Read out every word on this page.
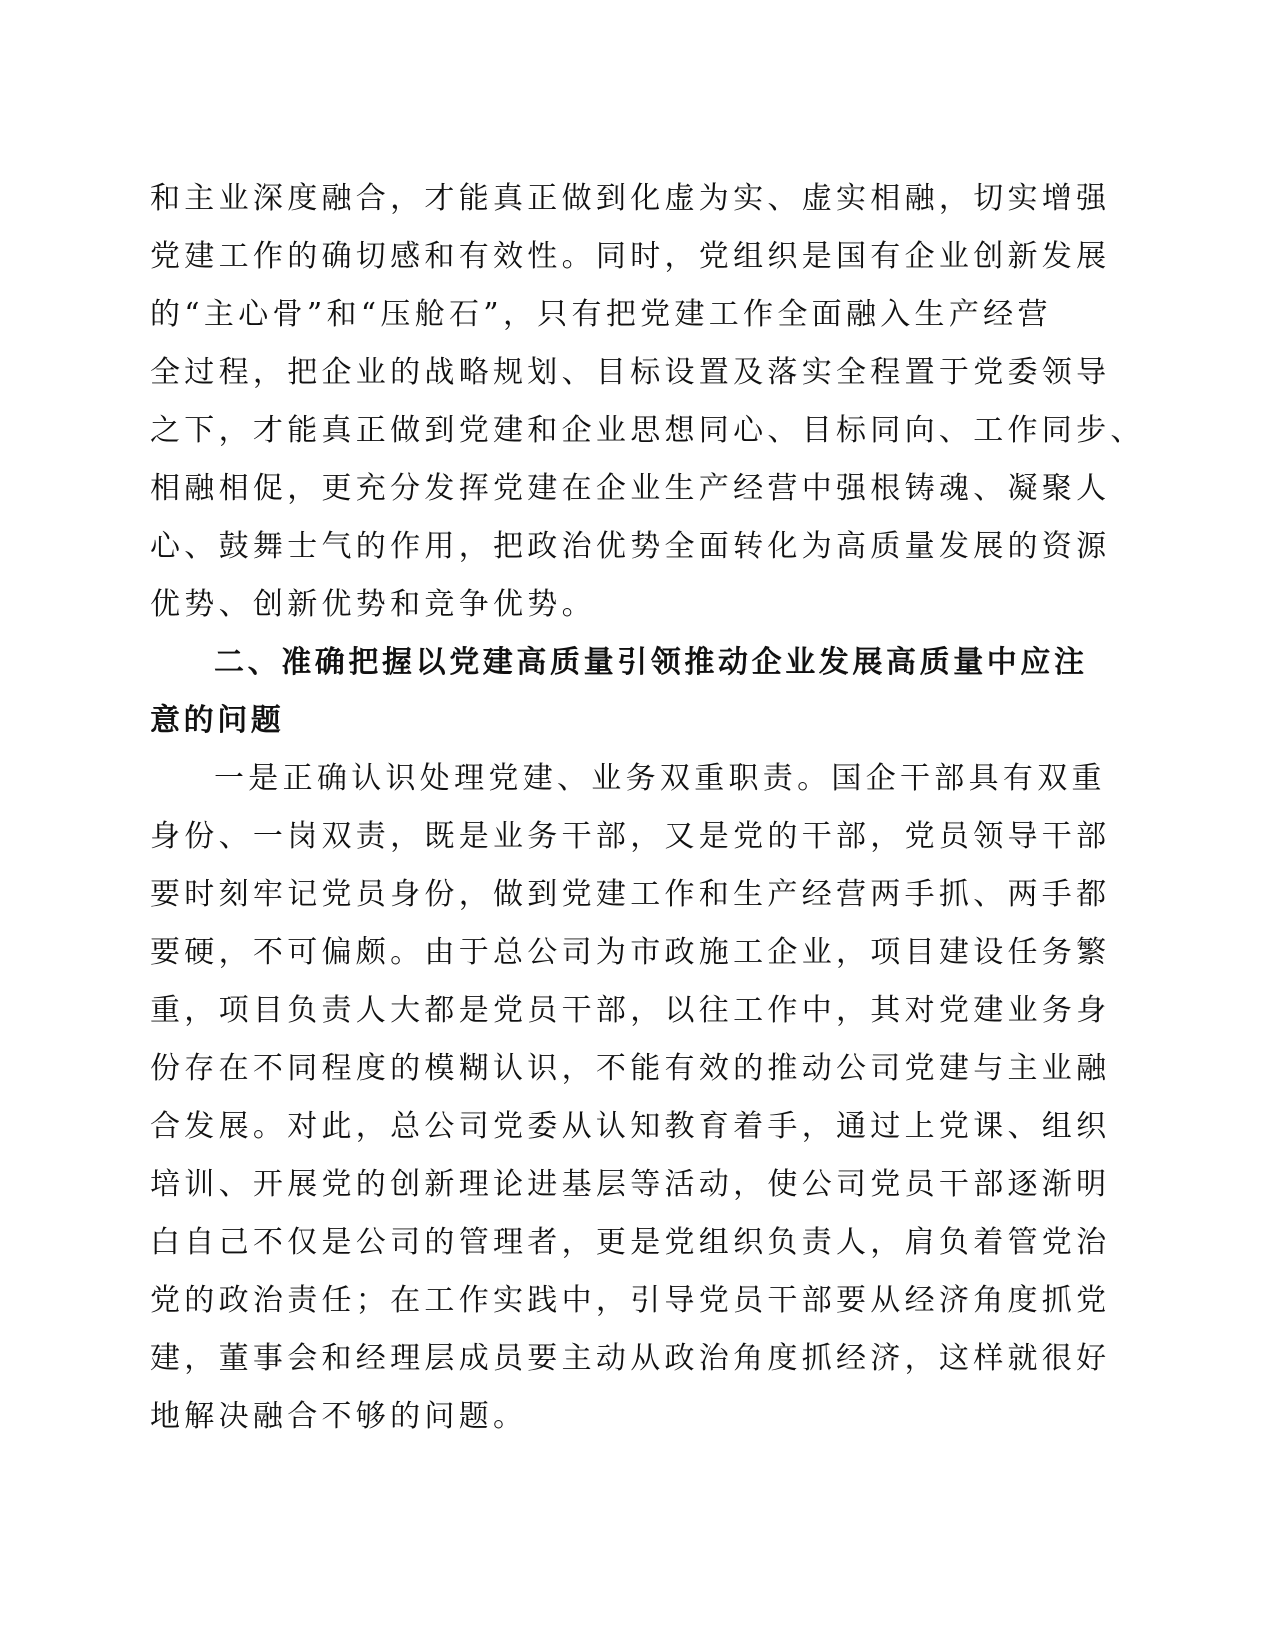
和主业深度融合，才能真正做到化虚为实、虚实相融，切实增强
党建工作的确切感和有效性。同时，党组织是国有企业创新发展
的“主心骨”和“压舱石”，只有把党建工作全面融入生产经营
全过程，把企业的战略规划、目标设置及落实全程置于党委领导
之下，才能真正做到党建和企业思想同心、目标同向、工作同步、
相融相促，更充分发挥党建在企业生产经营中强根铸魂、凝聚人
心、鼓舞士气的作用，把政治优势全面转化为高质量发展的资源
优势、创新优势和竞争优势。
二、准确把握以党建高质量引领推动企业发展高质量中应注
意的问题
一是正确认识处理党建、业务双重职责。国企干部具有双重
身份、一岗双责，既是业务干部，又是党的干部，党员领导干部
要时刻牢记党员身份，做到党建工作和生产经营两手抓、两手都
要硬，不可偏颇。由于总公司为市政施工企业，项目建设任务繁
重，项目负责人大都是党员干部，以往工作中，其对党建业务身
份存在不同程度的模糊认识，不能有效的推动公司党建与主业融
合发展。对此，总公司党委从认知教育着手，通过上党课、组织
培训、开展党的创新理论进基层等活动，使公司党员干部逐渐明
白自己不仅是公司的管理者，更是党组织负责人，肩负着管党治
党的政治责任；在工作实践中，引导党员干部要从经济角度抓党
建，董事会和经理层成员要主动从政治角度抓经济，这样就很好
地解决融合不够的问题。
